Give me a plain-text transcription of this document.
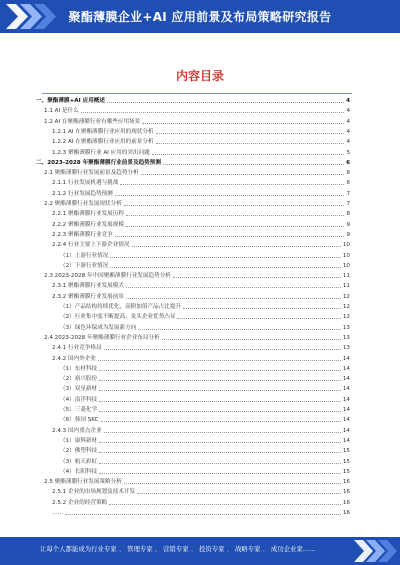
聚酯薄膜企业+AI 应用前景及布局策略研究报告
内容目录
一、聚酯薄膜+AI 应用概述	4
1.1 AI 是什么	4
1.2 AI 在聚酯薄膜行业有哪些应用场景	4
1.2.1 AI 在聚酯薄膜行业应用的现状分析	4
1.2.2 AI 在聚酯薄膜行业应用的前景分析	4
1.2.3 聚酯薄膜行业 AI 应用的突出问题	5
二、2023-2028 年聚酯薄膜行业前景及趋势预测	6
2.1 聚酯薄膜行业发展前景及趋势分析	6
2.1.1 行业发展机遇与挑战	6
2.1.2 行业发展趋势预测	7
2.2 聚酯薄膜行业发展现状分析	7
2.2.1 聚酯薄膜行业发展历程	8
2.2.2 聚酯薄膜行业发展规模	9
2.2.3 聚酯薄膜行业竞争	9
2.2.4 行业主要上下游企业情况	10
（1）上游行业情况	10
（2）下游行业情况	10
2.3 2023-2028 年中国聚酯薄膜行业发展趋势分析	11
2.3.1 聚酯薄膜行业发展模式	11
2.3.2 聚酯薄膜行业发展前景	12
（1）产品结构持续优化，高附加值产品占比提升	12
（2）行业集中度不断提高，龙头企业优势凸显	12
（3）绿色环保成为发展新方向	13
2.4 2023-2028 年聚酯薄膜行业企业布局分析	13
2.4.1 行业竞争格局	13
2.4.2 国内外企业	14
（1）东材科技	14
（2）裕兴股份	14
（3）双星新材	14
（4）南洋科技	14
（5）三菱化学	14
（6）韩国 SKC	14
2.4.3 国内重点企业	14
（1）康辉新材	14
（2）佛塑科技	15
（3）航天彩虹	15
（4）长阳科技	15
2.5 聚酯薄膜行业发展策略分析	16
2.5.1 企业的市场规划及技术开发	16
2.5.2 企业的经营策略	16
……	16
让每个人都能成为行业专家 、 管理专家 、 营销专家 、 投资专家 、 战略专家 、 成功企业家……
